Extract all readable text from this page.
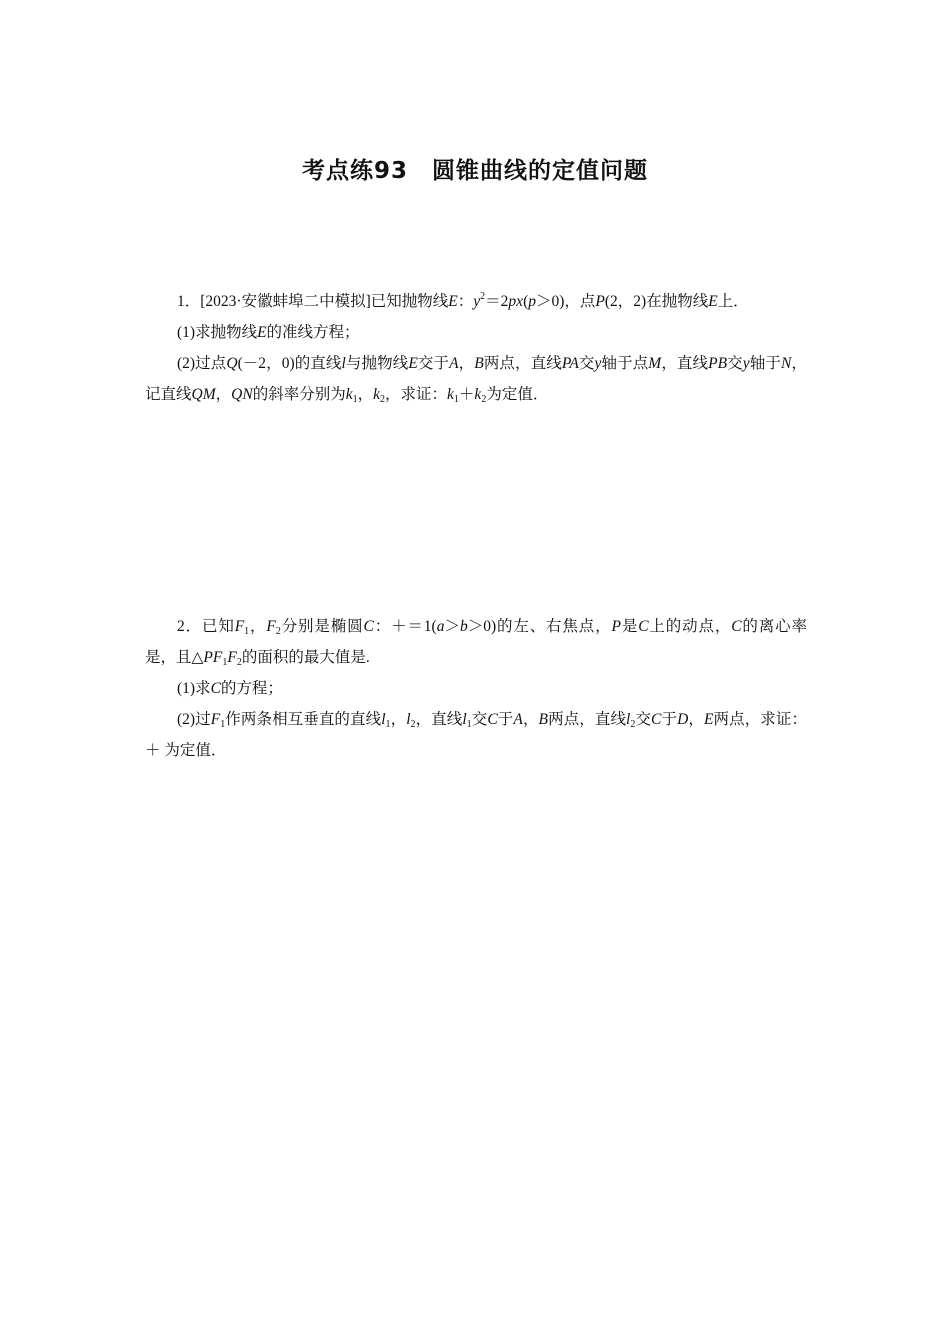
考点练93　圆锥曲线的定值问题

1．[2023·安徽蚌埠二中模拟]已知抛物线E：$y^2=2px(p>0)$，点P(2，2)在抛物线E上．

(1)求抛物线E的准线方程；

(2)过点Q(－2，0)的直线l与抛物线E交于A，B两点，直线PA交y轴于点M，直线PB交y轴于N，记直线QM，QN的斜率分别为$k_1$，$k_2$，求证：$k_1+k_2$为定值．

2．已知$F_1$，$F_2$分别是椭圆C：＋＝1(a＞b＞0)的左、右焦点，P是C上的动点，C的离心率是，且$\triangle PF_1F_2$的面积的最大值是.

(1)求C的方程；

(2)过$F_1$作两条相互垂直的直线$l_1$，$l_2$，直线$l_1$交C于A，B两点，直线$l_2$交C于D，E两点，求证：＋ 为定值．
